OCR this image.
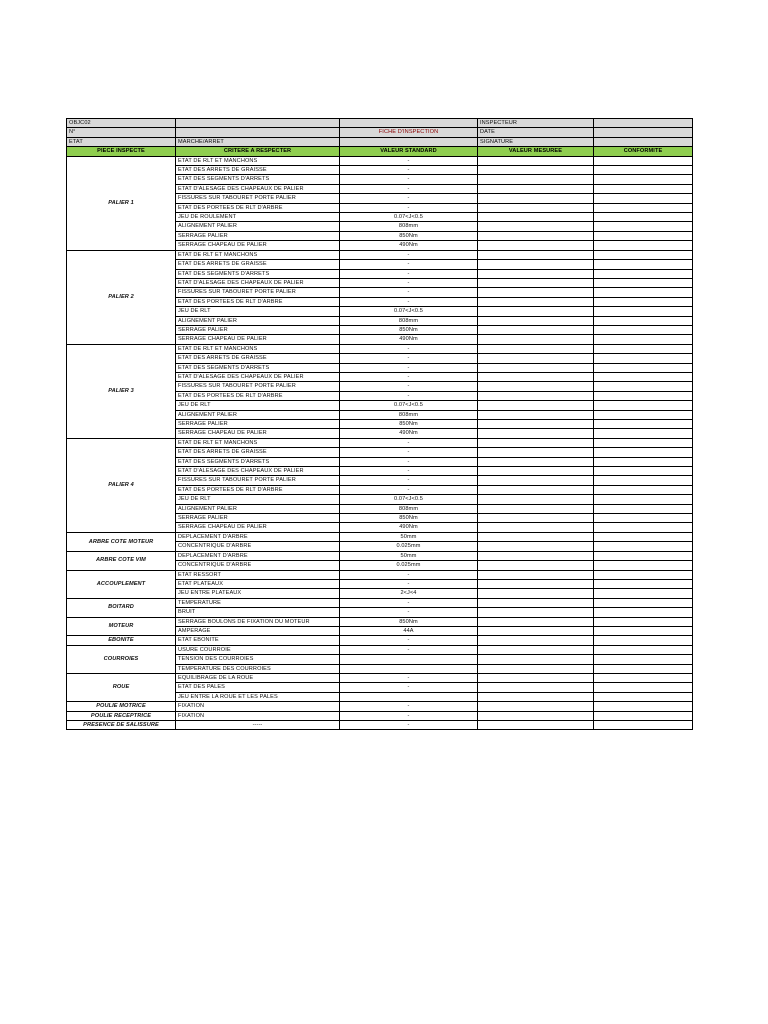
OBJC02			INSPECTEUR	
N°		FICHE D'INSPECTION	DATE	
ETAT	MARCHE/ARRET		SIGNATURE	
PIECE INSPECTE	CRITERE A RESPECTER	VALEUR STANDARD	VALEUR MESUREE	CONFORMITE
PALIER 1	ETAT DE RLT ET MANCHONS	-		
	ETAT DES ARRETS DE GRAISSE	-		
	ETAT DES SEGMENTS D'ARRETS	-		
	ETAT D'ALESAGE DES CHAPEAUX DE PALIER	-		
	FISSURES SUR TABOURET PORTE PALIER	-		
	ETAT DES PORTEES DE RLT D'ARBRE	-		
	JEU DE ROULEMENT	0.07<J<0.5		
	ALIGNEMENT PALIER	808mm		
	SERRAGE PALIER	850Nm		
	SERRAGE CHAPEAU DE PALIER	490Nm		
PALIER 2	ETAT DE RLT ET MANCHONS	-		
	ETAT DES ARRETS DE GRAISSE	-		
	ETAT DES SEGMENTS D'ARRETS	-		
	ETAT D'ALESAGE DES CHAPEAUX DE PALIER	-		
	FISSURES SUR TABOURET PORTE PALIER	-		
	ETAT DES PORTEES DE RLT D'ARBRE	-		
	JEU DE RLT	0.07<J<0.5		
	ALIGNEMENT PALIER	808mm		
	SERRAGE PALIER	850Nm		
	SERRAGE CHAPEAU DE PALIER	490Nm		
PALIER 3	ETAT DE RLT ET MANCHONS	-		
	ETAT DES ARRETS DE GRAISSE	-		
	ETAT DES SEGMENTS D'ARRETS	-		
	ETAT D'ALESAGE DES CHAPEAUX DE PALIER	-		
	FISSURES SUR TABOURET PORTE PALIER	-		
	ETAT DES PORTEES DE RLT D'ARBRE	-		
	JEU DE RLT	0.07<J<0.5		
	ALIGNEMENT PALIER	808mm		
	SERRAGE PALIER	850Nm		
	SERRAGE CHAPEAU DE PALIER	490Nm		
PALIER 4	ETAT DE RLT ET MANCHONS	-		
	ETAT DES ARRETS DE GRAISSE	-		
	ETAT DES SEGMENTS D'ARRETS	-		
	ETAT D'ALESAGE DES CHAPEAUX DE PALIER	-		
	FISSURES SUR TABOURET PORTE PALIER	-		
	ETAT DES PORTEES DE RLT D'ARBRE	-		
	JEU DE RLT	0.07<J<0.5		
	ALIGNEMENT PALIER	808mm		
	SERRAGE PALIER	850Nm		
	SERRAGE CHAPEAU DE PALIER	490Nm		
ARBRE COTE MOTEUR	DEPLACEMENT D'ARBRE	50mm		
	CONCENTRIQUE D'ARBRE	0.025mm		
ARBRE COTE VIM	DEPLACEMENT D'ARBRE	50mm		
	CONCENTRIQUE D'ARBRE	0.025mm		
ACCOUPLEMENT	ETAT RESSORT	-		
	ETAT PLATEAUX	-		
	JEU ENTRE PLATEAUX	2<J<4		
BOITARD	TEMPERATURE	-		
	BRUIT	-		
MOTEUR	SERRAGE BOULONS DE FIXATION DU MOTEUR	850Nm		
	AMPERAGE	44A		
EBONITE	ETAT EBONITE	-		
COURROIES	USURE COURROIE	-		
	TENSION DES COURROIES			
	TEMPERATURE DES COURROIES			
ROUE	EQUILIBRAGE DE LA ROUE	-		
	ETAT DES PALES	-		
	JEU ENTRE LA ROUE ET LES PALES			
POULIE MOTRICE	FIXATION	-		
POULIE RECEPTRICE	FIXATION	-		
PRESENCE DE SALISSURE	-----	-		
